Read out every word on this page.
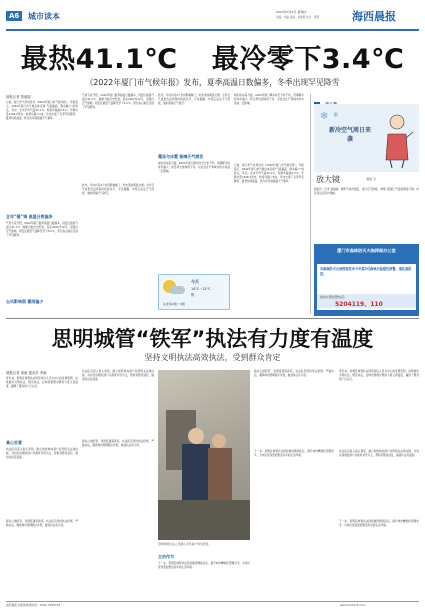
A6	城市读本	2023年3月9日 星期四
责编：刘建 美编：刘建霞 校对：黄霞	海西晨报
最热41.1℃ 最冷零下3.4℃
《2022年厦门市气候年报》发布，夏季高温日数偏多，冬季出现罕见降雪
晨报记者 蔡丽丽
日前，厦门市气象局发布《2022年厦门市气候年报》。年报显示，2022年厦门市气候总体呈现“气温偏高、降水偏少”的特点，其中，全市平均气温22.1℃，较常年偏高0.3℃；年降水量1166.2毫米，较常年偏少2成。年内出现了冬季罕见降雪、夏季持续高温、秋冬连旱等极端天气事件。
全年“暖”调 高温日数偏多
气象专家介绍，2022年厦门夏季高温日数偏多，同安区最高气温达41.1℃，刷新当地历史纪录；而在2022年12月，受强冷空气影响，同安区最低气温降至零下3.4℃，部分高山地区出现了罕见降雪。
台风影响弱 暴雨偏少
气象专家介绍，2022年厦门夏季高温日数偏多，同安区最高气温达41.1℃，刷新当地历史纪录；而在2022年12月，受强冷空气影响，同安区最低气温降至零下3.4℃，部分高山地区出现了罕见降雪。
此外，年内共有4个台风影响厦门，均未造成明显灾情；全年空气质量优良率保持较高水平。专家提醒，市民应关注天气预报，做好极端天气防范。
此外，年内共有4个台风影响厦门，均未造成明显灾情；全年空气质量优良率保持较高水平。专家提醒，市民应关注天气预报，做好极端天气防范。
霜冻与冰雹 极端天气频发
雨水和冰雹方面，2022年厦门降水时空分布不均，汛期降水较常年偏少，秋冬季出现持续干旱，对农业生产和城市供水造成一定影响。
雨水和冰雹方面，2022年厦门降水时空分布不均，汛期降水较常年偏少，秋冬季出现持续干旱，对农业生产和城市供水造成一定影响。
日前，厦门市气象局发布《2022年厦门市气候年报》。年报显示，2022年厦门市气候总体呈现“气温偏高、降水偏少”的特点，其中，全市平均气温22.1℃，较常年偏高0.3℃；年降水量1166.2毫米，较常年偏少2成。年内出现了冬季罕见降雪、夏季持续高温、秋冬连旱等极端天气事件。
今天
14℃～21℃
阴
东北风2级～3级
新冷空气周日来袭
❄ ❄
放大镜	漫画 李
晨报讯（记者 蔡丽丽）据市气象台预报，受冷空气影响，本周日起厦门气温将明显下降，市民需注意添衣保暖。
厦门市森林防灭火指挥部办公室
市森林防灭火指挥部发布今年第2号森林火险橙色预警，请注意防范。
森林火警报警电话：
5204119、110
思明城管“铁军”执法有力度有温度
坚持文明执法高效执法，受到群众肯定
晨报记者 周丽 通讯员 李颖
近年来，思明区城管执法局坚持以人民为中心的发展思想，持续推进文明执法、规范执法，在城市管理中既讲力度又讲温度，赢得了群众的广泛认可。
真心实意
执法队员深入街头巷尾，耐心细致地向商户宣传相关法律法规，对初次违规的商户以教育劝导为主，帮助其整改到位，做到执法有温度。
面对占道经营、违规搭建等顽疾，执法队员坚持依法依规、严格执法，确保城市管理秩序井然，做到执法有力度。
执法队员深入街头巷尾，耐心细致地向商户宣传相关法律法规，对初次违规的商户以教育劝导为主，帮助其整改到位，做到执法有温度。
面对占道经营、违规搭建等顽疾，执法队员坚持依法依规、严格执法，确保城市管理秩序井然，做到执法有力度。
思明城管执法人员耐心劝导商户规范经营。
主动作为
下一步，思明区城管执法局将继续锤炼队伍，提升城市精细化管理水平，为市民营造更加整洁有序的生活环境。
面对占道经营、违规搭建等顽疾，执法队员坚持依法依规、严格执法，确保城市管理秩序井然，做到执法有力度。
下一步，思明区城管执法局将继续锤炼队伍，提升城市精细化管理水平，为市民营造更加整洁有序的生活环境。
近年来，思明区城管执法局坚持以人民为中心的发展思想，持续推进文明执法、规范执法，在城市管理中既讲力度又讲温度，赢得了群众的广泛认可。
执法队员深入街头巷尾，耐心细致地向商户宣传相关法律法规，对初次违规的商户以教育劝导为主，帮助其整改到位，做到执法有温度。
下一步，思明区城管执法局将继续锤炼队伍，提升城市精细化管理水平，为市民营造更加整洁有序的生活环境。
海西晨报全媒体新闻热线：0592-5393333	www.xmhxcb.com
